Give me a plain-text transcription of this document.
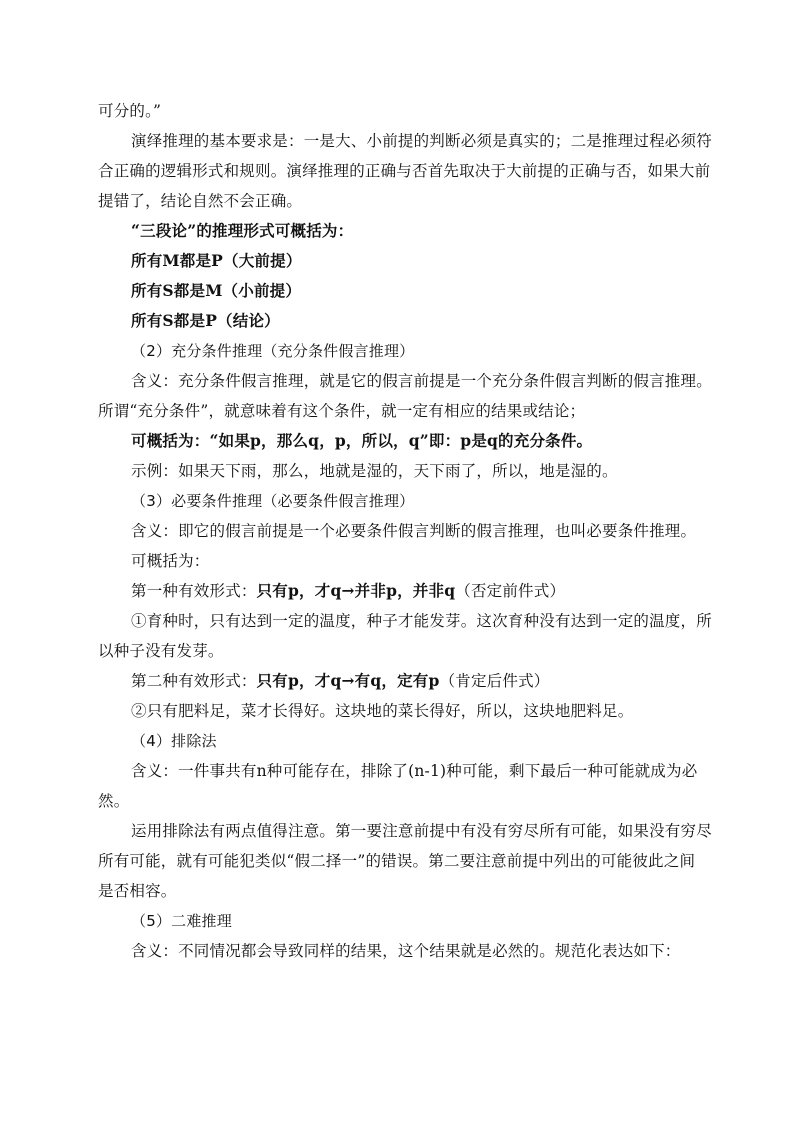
可分的。”
演绎推理的基本要求是：一是大、小前提的判断必须是真实的；二是推理过程必须符
合正确的逻辑形式和规则。演绎推理的正确与否首先取决于大前提的正确与否，如果大前
提错了，结论自然不会正确。
“三段论”的推理形式可概括为：
所有M都是P（大前提）
所有S都是M（小前提）
所有S都是P（结论）
（2）充分条件推理（充分条件假言推理）
含义：充分条件假言推理，就是它的假言前提是一个充分条件假言判断的假言推理。
所谓“充分条件”，就意味着有这个条件，就一定有相应的结果或结论；
可概括为：“如果p，那么q，p，所以，q”即：p是q的充分条件。
示例：如果天下雨，那么，地就是湿的，天下雨了，所以，地是湿的。
（3）必要条件推理（必要条件假言推理）
含义：即它的假言前提是一个必要条件假言判断的假言推理，也叫必要条件推理。
可概括为：
第一种有效形式：只有p，才q→并非p，并非q（否定前件式）
①育种时，只有达到一定的温度，种子才能发芽。这次育种没有达到一定的温度，所
以种子没有发芽。
第二种有效形式：只有p，才q→有q，定有p（肯定后件式）
②只有肥料足，菜才长得好。这块地的菜长得好，所以，这块地肥料足。
（4）排除法
含义：一件事共有n种可能存在，排除了(n-1)种可能，剩下最后一种可能就成为必
然。
运用排除法有两点值得注意。第一要注意前提中有没有穷尽所有可能，如果没有穷尽
所有可能，就有可能犯类似“假二择一”的错误。第二要注意前提中列出的可能彼此之间
是否相容。
（5）二难推理
含义：不同情况都会导致同样的结果，这个结果就是必然的。规范化表达如下：
